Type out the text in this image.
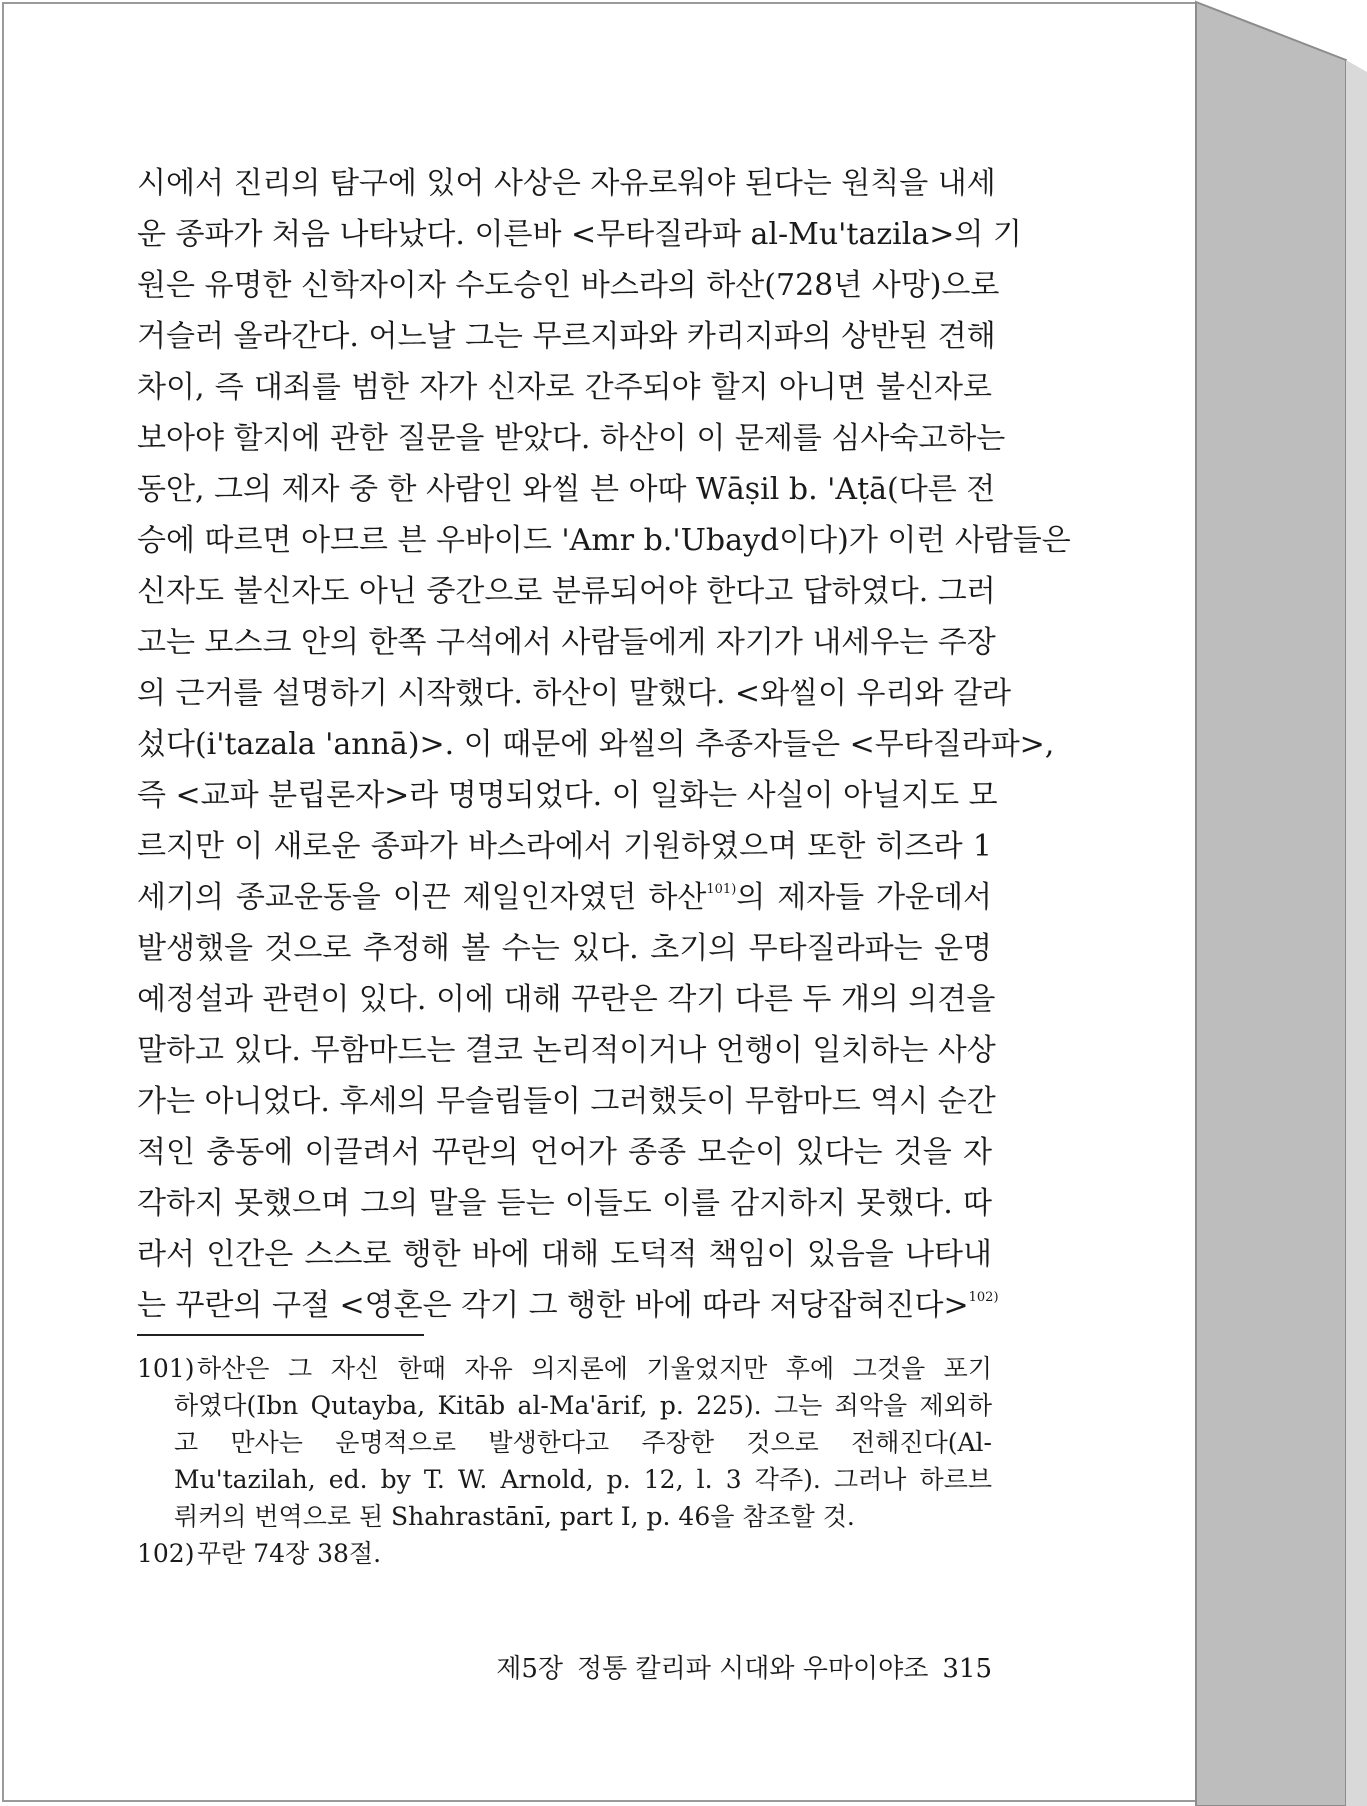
시에서 진리의 탐구에 있어 사상은 자유로워야 된다는 원칙을 내세
운 종파가 처음 나타났다. 이른바 <무타질라파 al-Mu'tazila>의 기
원은 유명한 신학자이자 수도승인 바스라의 하산(728년 사망)으로
거슬러 올라간다. 어느날 그는 무르지파와 카리지파의 상반된 견해
차이, 즉 대죄를 범한 자가 신자로 간주되야 할지 아니면 불신자로
보아야 할지에 관한 질문을 받았다. 하산이 이 문제를 심사숙고하는
동안, 그의 제자 중 한 사람인 와씰 븐 아따 Wāṣil b. 'Aṭā(다른 전
승에 따르면 아므르 븐 우바이드 'Amr b.'Ubayd이다)가 이런 사람들은
신자도 불신자도 아닌 중간으로 분류되어야 한다고 답하였다. 그러
고는 모스크 안의 한쪽 구석에서 사람들에게 자기가 내세우는 주장
의 근거를 설명하기 시작했다. 하산이 말했다. <와씰이 우리와 갈라
섰다(i'tazala 'annā)>. 이 때문에 와씰의 추종자들은 <무타질라파>,
즉 <교파 분립론자>라 명명되었다. 이 일화는 사실이 아닐지도 모
르지만 이 새로운 종파가 바스라에서 기원하였으며 또한 히즈라 1
세기의 종교운동을 이끈 제일인자였던 하산$^{101)}$의 제자들 가운데서
발생했을 것으로 추정해 볼 수는 있다. 초기의 무타질라파는 운명
예정설과 관련이 있다. 이에 대해 꾸란은 각기 다른 두 개의 의견을
말하고 있다. 무함마드는 결코 논리적이거나 언행이 일치하는 사상
가는 아니었다. 후세의 무슬림들이 그러했듯이 무함마드 역시 순간
적인 충동에 이끌려서 꾸란의 언어가 종종 모순이 있다는 것을 자
각하지 못했으며 그의 말을 듣는 이들도 이를 감지하지 못했다. 따
라서 인간은 스스로 행한 바에 대해 도덕적 책임이 있음을 나타내
는 꾸란의 구절 <영혼은 각기 그 행한 바에 따라 저당잡혀진다>$^{102)}$
101) 하산은 그 자신 한때 자유 의지론에 기울었지만 후에 그것을 포기
하였다(Ibn Qutayba, Kitāb al-Ma'ārif, p. 225). 그는 죄악을 제외하
고 만사는 운명적으로 발생한다고 주장한 것으로 전해진다(Al-
Mu'tazilah, ed. by T. W. Arnold, p. 12, l. 3 각주). 그러나 하르브
뤼커의 번역으로 된 Shahrastānī, part Ⅰ, p. 46을 참조할 것.
102) 꾸란 74장 38절.
제5장 정통 칼리파 시대와 우마이야조 315
